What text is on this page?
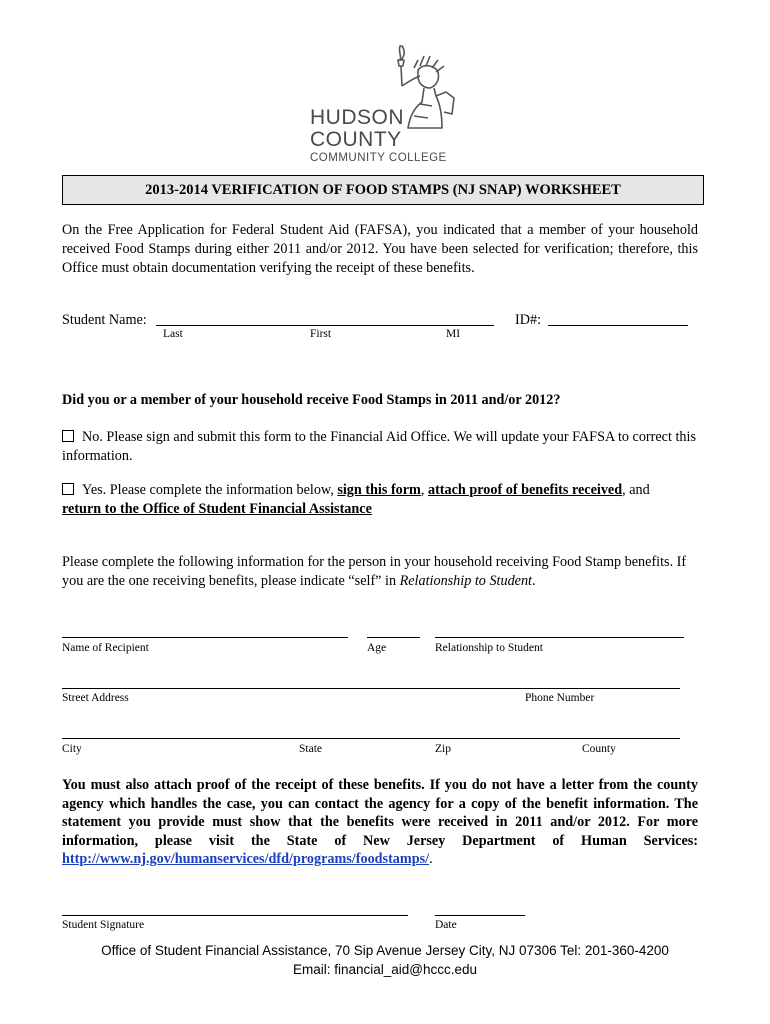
HUDSON
COUNTY
COMMUNITY COLLEGE
2013-2014 VERIFICATION OF FOOD STAMPS (NJ SNAP) WORKSHEET
On the Free Application for Federal Student Aid (FAFSA), you indicated that a member of your household received Food Stamps during either 2011 and/or 2012. You have been selected for verification; therefore, this Office must obtain documentation verifying the receipt of these benefits.
Student Name:	ID#:
Last	First	MI
Did you or a member of your household receive Food Stamps in 2011 and/or 2012?
No. Please sign and submit this form to the Financial Aid Office. We will update your FAFSA to correct this information.
Yes. Please complete the information below, sign this form, attach proof of benefits received, and
return to the Office of Student Financial Assistance
Please complete the following information for the person in your household receiving Food Stamp benefits. If you are the one receiving benefits, please indicate “self” in Relationship to Student.
Name of Recipient	Age	Relationship to Student
Street Address	Phone Number
City	State	Zip	County
You must also attach proof of the receipt of these benefits. If you do not have a letter from the county agency which handles the case, you can contact the agency for a copy of the benefit information. The statement you provide must show that the benefits were received in 2011 and/or 2012. For more information, please visit the State of New Jersey Department of Human Services: http://www.nj.gov/humanservices/dfd/programs/foodstamps/.
Student Signature	Date
Office of Student Financial Assistance, 70 Sip Avenue Jersey City, NJ 07306 Tel: 201-360-4200
Email: financial_aid@hccc.edu
